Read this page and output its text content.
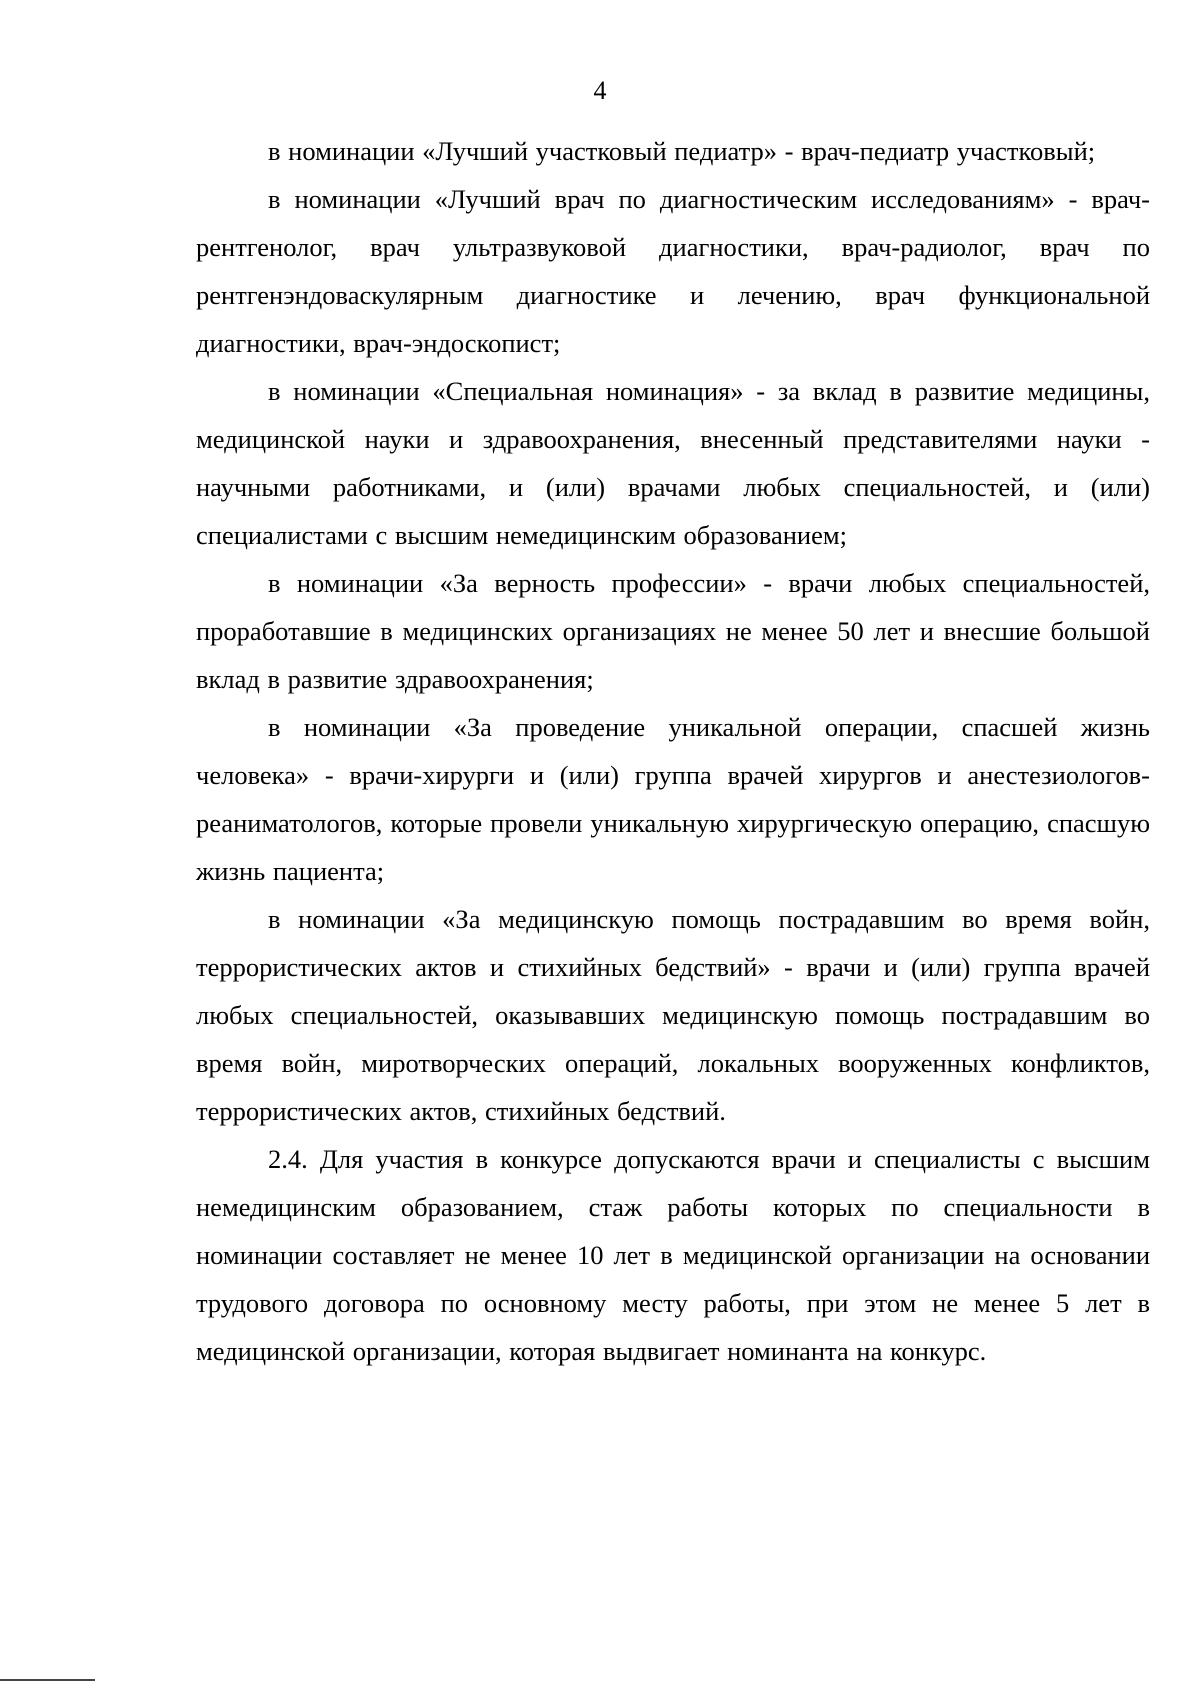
4

в номинации «Лучший участковый педиатр» - врач-педиатр участковый;

в номинации «Лучший врач по диагностическим исследованиям» - врач-рентгенолог, врач ультразвуковой диагностики, врач-радиолог, врач по рентгенэндоваскулярным диагностике и лечению, врач функциональной диагностики, врач-эндоскопист;

в номинации «Специальная номинация» - за вклад в развитие медицины, медицинской науки и здравоохранения, внесенный представителями науки - научными работниками, и (или) врачами любых специальностей, и (или) специалистами с высшим немедицинским образованием;

в номинации «За верность профессии» - врачи любых специальностей, проработавшие в медицинских организациях не менее 50 лет и внесшие большой вклад в развитие здравоохранения;

в номинации «За проведение уникальной операции, спасшей жизнь человека» - врачи-хирурги и (или) группа врачей хирургов и анестезиологов-реаниматологов, которые провели уникальную хирургическую операцию, спасшую жизнь пациента;

в номинации «За медицинскую помощь пострадавшим во время войн, террористических актов и стихийных бедствий» - врачи и (или) группа врачей любых специальностей, оказывавших медицинскую помощь пострадавшим во время войн, миротворческих операций, локальных вооруженных конфликтов, террористических актов, стихийных бедствий.

2.4. Для участия в конкурсе допускаются врачи и специалисты с высшим немедицинским образованием, стаж работы которых по специальности в номинации составляет не менее 10 лет в медицинской организации на основании трудового договора по основному месту работы, при этом не менее 5 лет в медицинской организации, которая выдвигает номинанта на конкурс.
